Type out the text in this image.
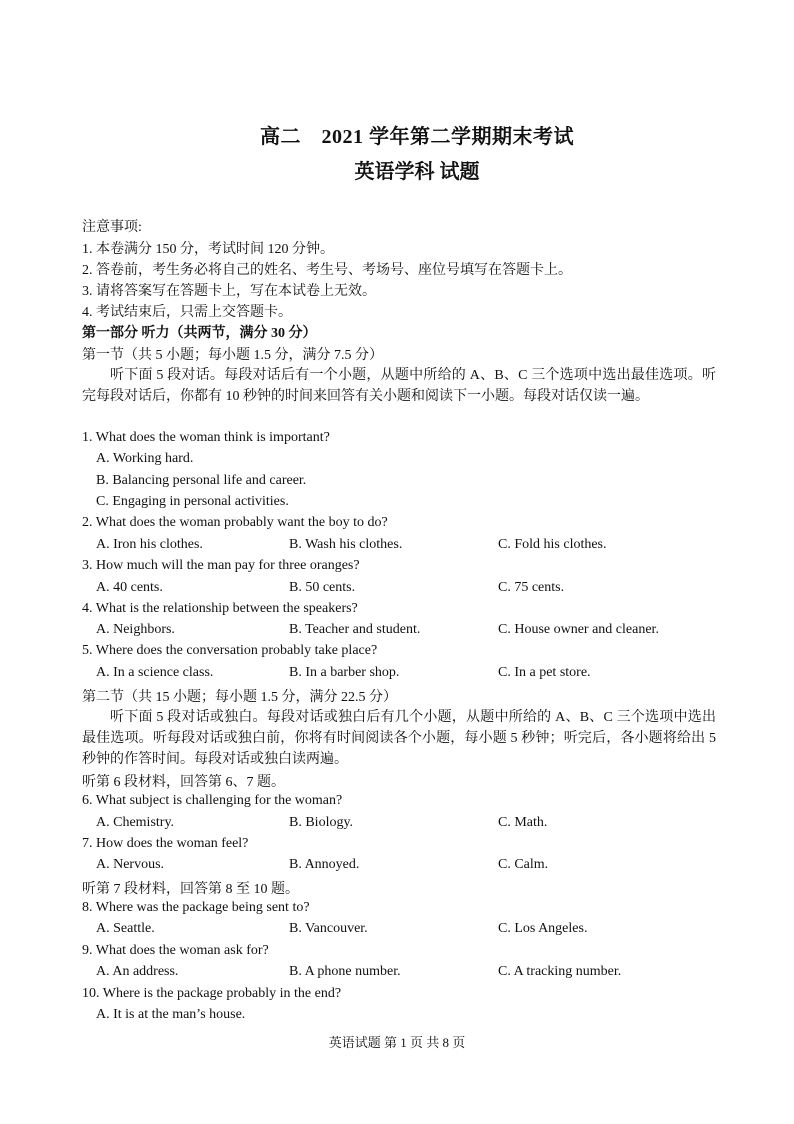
高二　2021 学年第二学期期末考试
英语学科 试题
注意事项:
1. 本卷满分 150 分，考试时间 120 分钟。
2. 答卷前，考生务必将自己的姓名、考生号、考场号、座位号填写在答题卡上。
3. 请将答案写在答题卡上，写在本试卷上无效。
4. 考试结束后，只需上交答题卡。
第一部分 听力（共两节，满分 30 分）
第一节（共 5 小题；每小题 1.5 分，满分 7.5 分）
听下面 5 段对话。每段对话后有一个小题，从题中所给的 A、B、C 三个选项中选出最佳选项。听完每段对话后，你都有 10 秒钟的时间来回答有关小题和阅读下一小题。每段对话仅读一遍。
1. What does the woman think is important?
A. Working hard.
B. Balancing personal life and career.
C. Engaging in personal activities.
2. What does the woman probably want the boy to do?
A. Iron his clothes.	B. Wash his clothes.	C. Fold his clothes.
3. How much will the man pay for three oranges?
A. 40 cents.	B. 50 cents.	C. 75 cents.
4. What is the relationship between the speakers?
A. Neighbors.	B. Teacher and student.	C. House owner and cleaner.
5. Where does the conversation probably take place?
A. In a science class.	B. In a barber shop.	C. In a pet store.
第二节（共 15 小题；每小题 1.5 分，满分 22.5 分）
听下面 5 段对话或独白。每段对话或独白后有几个小题，从题中所给的 A、B、C 三个选项中选出最佳选项。听每段对话或独白前，你将有时间阅读各个小题，每小题 5 秒钟；听完后，各小题将给出 5 秒钟的作答时间。每段对话或独白读两遍。
听第 6 段材料，回答第 6、7 题。
6. What subject is challenging for the woman?
A. Chemistry.	B. Biology.	C. Math.
7. How does the woman feel?
A. Nervous.	B. Annoyed.	C. Calm.
听第 7 段材料，回答第 8 至 10 题。
8. Where was the package being sent to?
A. Seattle.	B. Vancouver.	C. Los Angeles.
9. What does the woman ask for?
A. An address.	B. A phone number.	C. A tracking number.
10. Where is the package probably in the end?
A. It is at the man’s house.
英语试题 第 1 页 共 8 页
